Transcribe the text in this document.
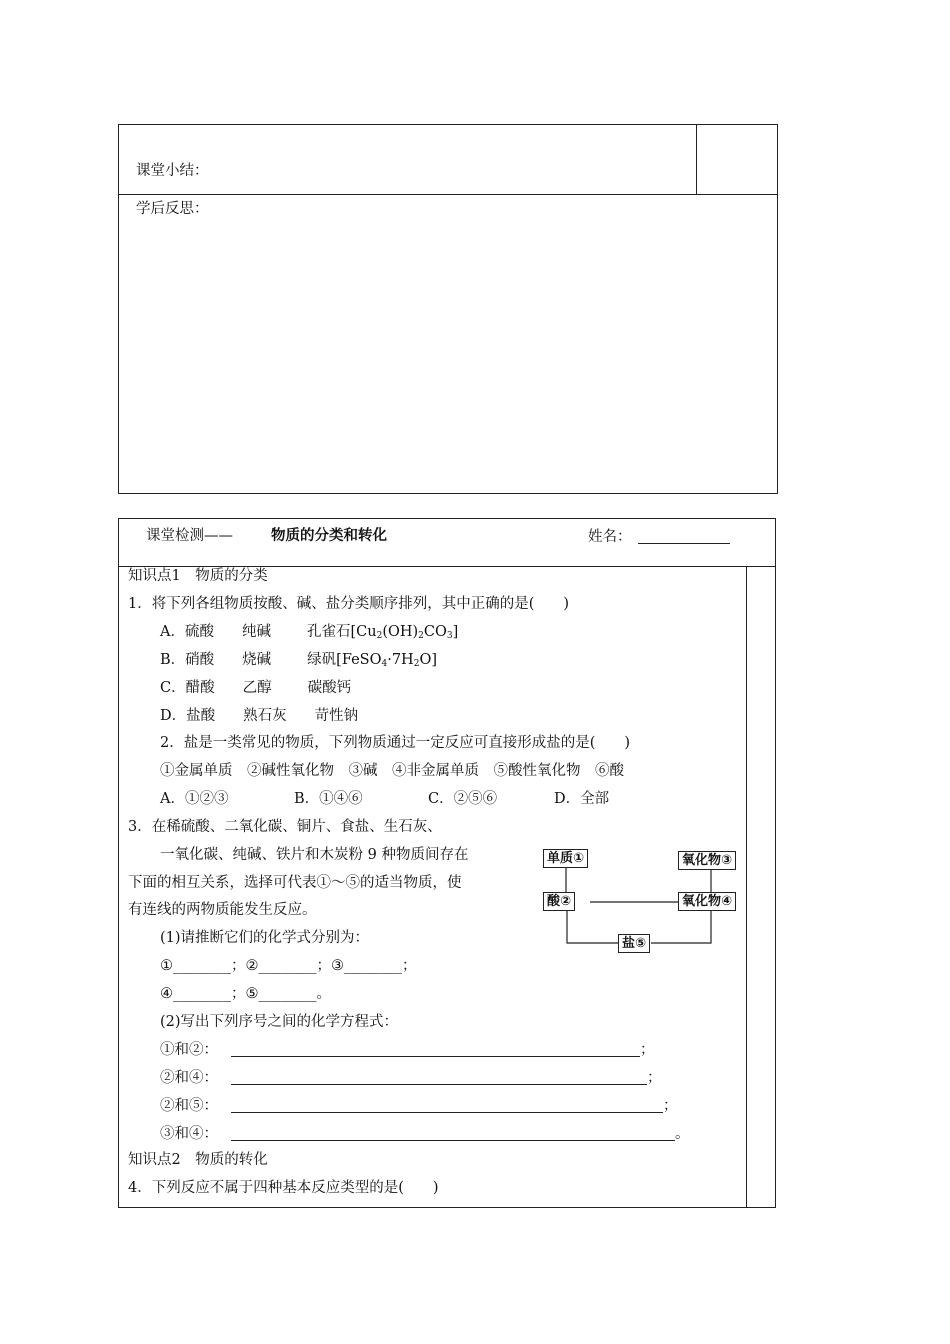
课堂小结：
学后反思：
课堂检测——	物质的分类和转化	姓名：
知识点1　物质的分类
1．将下列各组物质按酸、碱、盐分类顺序排列，其中正确的是(　　)
A．硫酸 纯碱 孔雀石$[Cu_2(OH)_2CO_3]$
B．硝酸 烧碱 绿矾$[FeSO_4\cdot 7H_2O]$
C．醋酸 乙醇 碳酸钙
D．盐酸 熟石灰 苛性钠
2．盐是一类常见的物质，下列物质通过一定反应可直接形成盐的是(　　)
①金属单质　②碱性氧化物　③碱　④非金属单质　⑤酸性氧化物　⑥酸
A．①②③	B．①④⑥	C．②⑤⑥	D．全部
3．在稀硫酸、二氧化碳、铜片、食盐、生石灰、
一氧化碳、纯碱、铁片和木炭粉 9 种物质间存在
下面的相互关系，选择可代表①～⑤的适当物质，使
有连线的两物质能发生反应。
(1)请推断它们的化学式分别为：
①________；②________；③________；
④________；⑤________。
(2)写出下列序号之间的化学方程式：
①和②：	；
②和④：	；
②和⑤：	；
③和④：	。
单质①	氧化物③
酸②	氧化物④
盐⑤
知识点2　物质的转化
4．下列反应不属于四种基本反应类型的是(　　)
